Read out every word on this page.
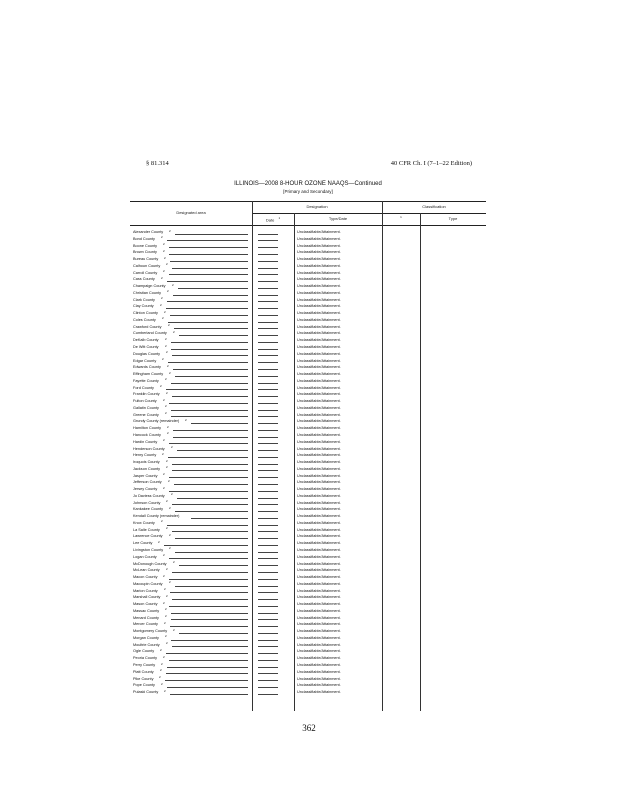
§ 81.314	40 CFR Ch. I (7–1–22 Edition)
ILLINOIS—2008 8-HOUR OZONE NAAQS—Continued
[Primary and Secondary]
Designated area
Designation	Classification
Date $^1$	Type/Date	$^1$	Type
Alexander County 2	Unclassifiable/Attainment.
Bond County 2	Unclassifiable/Attainment.
Boone County 2	Unclassifiable/Attainment.
Brown County 2	Unclassifiable/Attainment.
Bureau County 2	Unclassifiable/Attainment.
Calhoun County 2	Unclassifiable/Attainment.
Carroll County 2	Unclassifiable/Attainment.
Cass County 2	Unclassifiable/Attainment.
Champaign County 2	Unclassifiable/Attainment.
Christian County 2	Unclassifiable/Attainment.
Clark County 2	Unclassifiable/Attainment.
Clay County 2	Unclassifiable/Attainment.
Clinton County 2	Unclassifiable/Attainment.
Coles County 2	Unclassifiable/Attainment.
Crawford County 2	Unclassifiable/Attainment.
Cumberland County 2	Unclassifiable/Attainment.
DeKalb County 2	Unclassifiable/Attainment.
De Witt County 2	Unclassifiable/Attainment.
Douglas County 2	Unclassifiable/Attainment.
Edgar County 2	Unclassifiable/Attainment.
Edwards County 2	Unclassifiable/Attainment.
Effingham County 2	Unclassifiable/Attainment.
Fayette County 2	Unclassifiable/Attainment.
Ford County 2	Unclassifiable/Attainment.
Franklin County 2	Unclassifiable/Attainment.
Fulton County 2	Unclassifiable/Attainment.
Gallatin County 2	Unclassifiable/Attainment.
Greene County 2	Unclassifiable/Attainment.
Grundy County (remainder) 2	Unclassifiable/Attainment.
Hamilton County 2	Unclassifiable/Attainment.
Hancock County 2	Unclassifiable/Attainment.
Hardin County 2	Unclassifiable/Attainment.
Henderson County 2	Unclassifiable/Attainment.
Henry County 2	Unclassifiable/Attainment.
Iroquois County 2	Unclassifiable/Attainment.
Jackson County 2	Unclassifiable/Attainment.
Jasper County 2	Unclassifiable/Attainment.
Jefferson County 2	Unclassifiable/Attainment.
Jersey County 2	Unclassifiable/Attainment.
Jo Daviess County 2	Unclassifiable/Attainment.
Johnson County 2	Unclassifiable/Attainment.
Kankakee County 2	Unclassifiable/Attainment.
Kendall County (remainder)	Unclassifiable/Attainment.
Knox County 2	Unclassifiable/Attainment.
La Salle County 2	Unclassifiable/Attainment.
Lawrence County 2	Unclassifiable/Attainment.
Lee County 2	Unclassifiable/Attainment.
Livingston County 2	Unclassifiable/Attainment.
Logan County 2	Unclassifiable/Attainment.
McDonough County 2	Unclassifiable/Attainment.
McLean County 2	Unclassifiable/Attainment.
Macon County 2	Unclassifiable/Attainment.
Macoupin County 2	Unclassifiable/Attainment.
Marion County 2	Unclassifiable/Attainment.
Marshall County 2	Unclassifiable/Attainment.
Mason County 2	Unclassifiable/Attainment.
Massac County 2	Unclassifiable/Attainment.
Menard County 2	Unclassifiable/Attainment.
Mercer County 2	Unclassifiable/Attainment.
Montgomery County 2	Unclassifiable/Attainment.
Morgan County 2	Unclassifiable/Attainment.
Moultrie County 2	Unclassifiable/Attainment.
Ogle County 2	Unclassifiable/Attainment.
Peoria County 2	Unclassifiable/Attainment.
Perry County 2	Unclassifiable/Attainment.
Piatt County 2	Unclassifiable/Attainment.
Pike County 2	Unclassifiable/Attainment.
Pope County 2	Unclassifiable/Attainment.
Pulaski County 2	Unclassifiable/Attainment.
362
